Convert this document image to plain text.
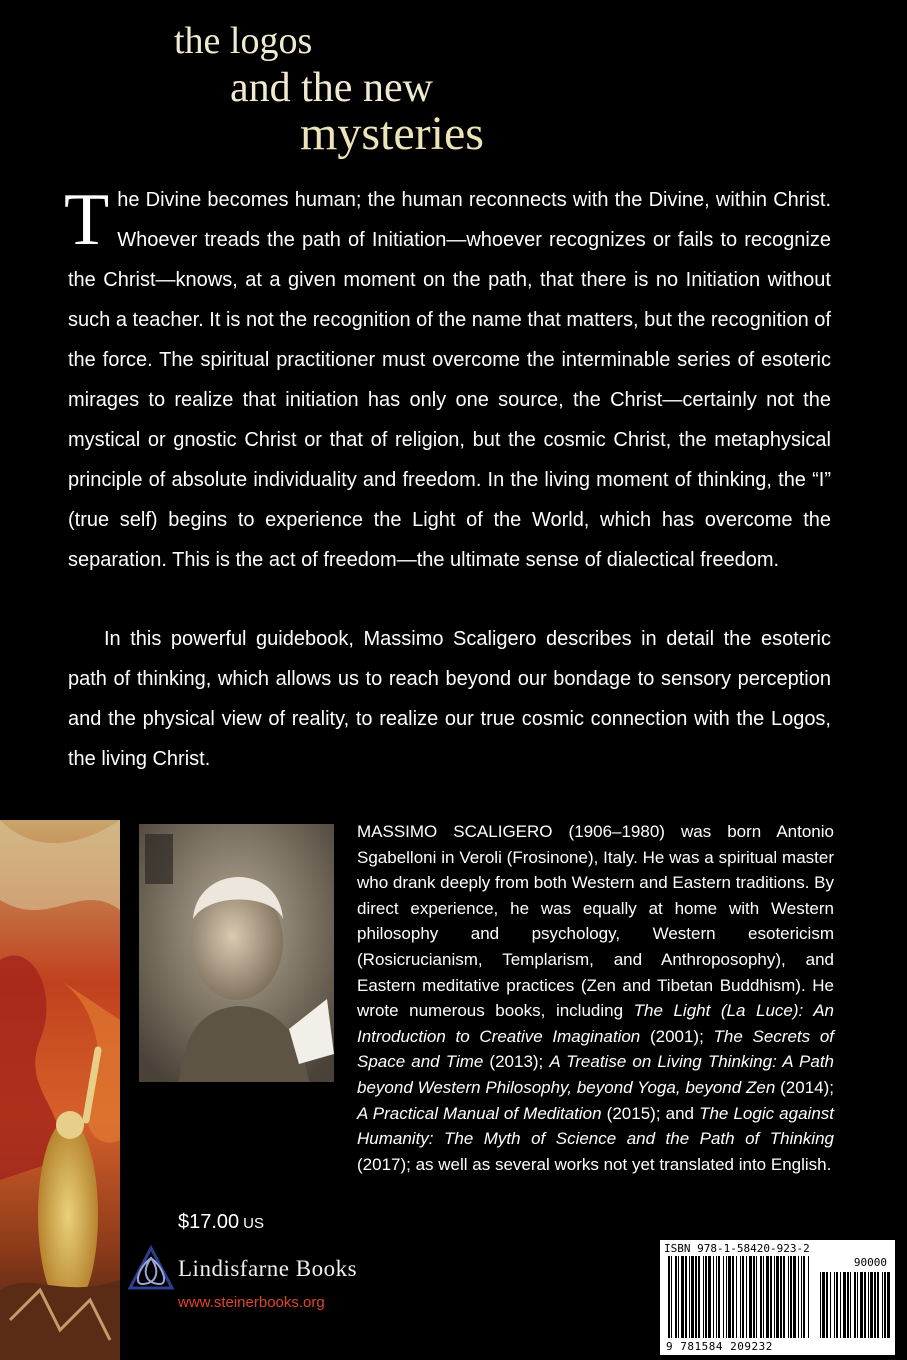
the logos
and the new
mysteries
The Divine becomes human; the human reconnects with the Divine, within Christ. Whoever treads the path of Initiation—whoever recognizes or fails to recognize the Christ—knows, at a given moment on the path, that there is no Initiation without such a teacher. It is not the recognition of the name that matters, but the recognition of the force. The spiritual practitioner must overcome the interminable series of esoteric mirages to realize that initiation has only one source, the Christ—certainly not the mystical or gnostic Christ or that of religion, but the cosmic Christ, the metaphysical principle of absolute individuality and freedom. In the living moment of thinking, the “I” (true self) begins to experience the Light of the World, which has overcome the separation. This is the act of freedom—the ultimate sense of dialectical freedom.
In this powerful guidebook, Massimo Scaligero describes in detail the esoteric path of thinking, which allows us to reach beyond our bondage to sensory perception and the physical view of reality, to realize our true cosmic connection with the Logos, the living Christ.
MASSIMO SCALIGERO (1906–1980) was born Antonio Sgabelloni in Veroli (Frosinone), Italy. He was a spiritual master who drank deeply from both Western and Eastern traditions. By direct experience, he was equally at home with Western philosophy and psychology, Western esotericism (Rosicrucianism, Templarism, and Anthroposophy), and Eastern meditative practices (Zen and Tibetan Buddhism). He wrote numerous books, including The Light (La Luce): An Introduction to Creative Imagination (2001); The Secrets of Space and Time (2013); A Treatise on Living Thinking: A Path beyond Western Philosophy, beyond Yoga, beyond Zen (2014); A Practical Manual of Meditation (2015); and The Logic against Humanity: The Myth of Science and the Path of Thinking (2017); as well as several works not yet translated into English.
$17.00 US
Lindisfarne Books
www.steinerbooks.org
ISBN 978-1-58420-923-2
90000
9 781584 209232
